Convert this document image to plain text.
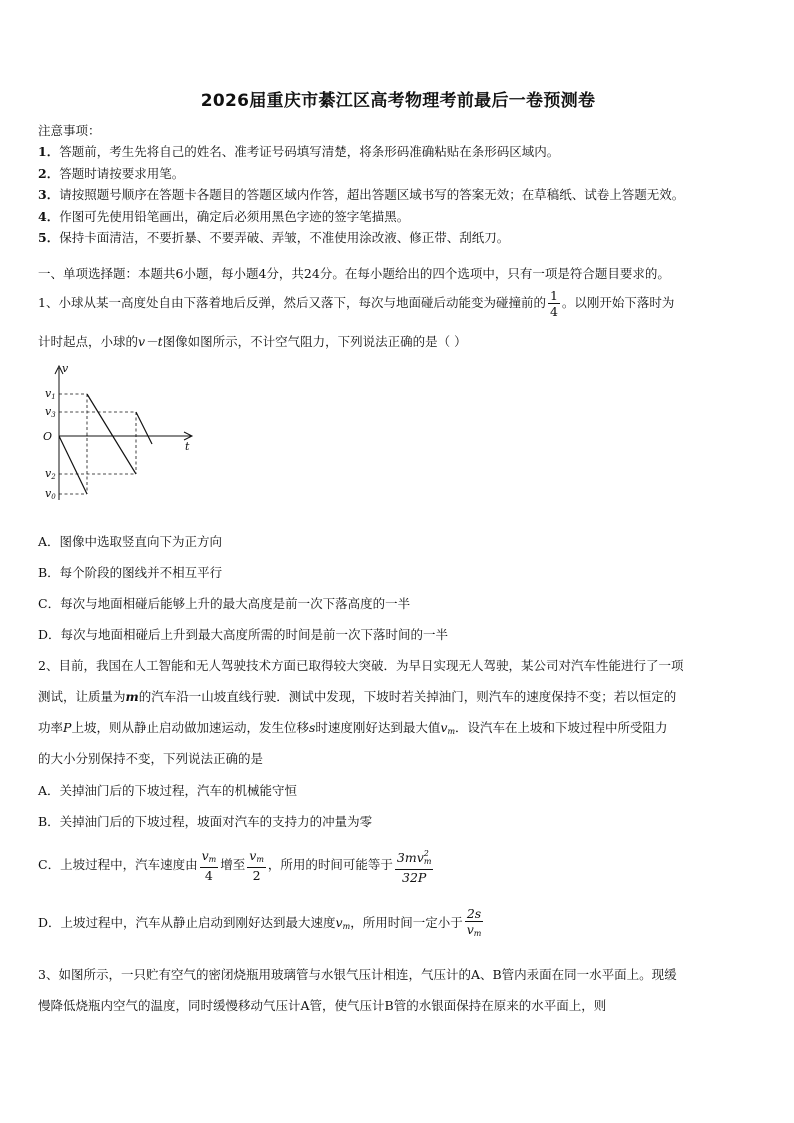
2026届重庆市綦江区高考物理考前最后一卷预测卷
注意事项：
1．答题前，考生先将自己的姓名、准考证号码填写清楚，将条形码准确粘贴在条形码区域内。
2．答题时请按要求用笔。
3．请按照题号顺序在答题卡各题目的答题区域内作答，超出答题区域书写的答案无效；在草稿纸、试卷上答题无效。
4．作图可先使用铅笔画出，确定后必须用黑色字迹的签字笔描黑。
5．保持卡面清洁，不要折暴、不要弄破、弄皱，不准使用涂改液、修正带、刮纸刀。
一、单项选择题：本题共6小题，每小题4分，共24分。在每小题给出的四个选项中，只有一项是符合题目要求的。
1、小球从某一高度处自由下落着地后反弹，然后又落下，每次与地面碰后动能变为碰撞前的 $\frac{1}{4}$ 。以刚开始下落时为
计时起点，小球的v－t图像如图所示，不计空气阻力，下列说法正确的是（ ）
v
t
O
v1
v3
v2
v0
A．图像中选取竖直向下为正方向
B．每个阶段的图线并不相互平行
C．每次与地面相碰后能够上升的最大高度是前一次下落高度的一半
D．每次与地面相碰后上升到最大高度所需的时间是前一次下落时间的一半
2、目前，我国在人工智能和无人驾驶技术方面已取得较大突破．为早日实现无人驾驶，某公司对汽车性能进行了一项
测试，让质量为m的汽车沿一山坡直线行驶．测试中发现，下坡时若关掉油门，则汽车的速度保持不变；若以恒定的
功率P上坡，则从静止启动做加速运动，发生位移s时速度刚好达到最大值$v_m$．设汽车在上坡和下坡过程中所受阻力
的大小分别保持不变，下列说法正确的是
A．关掉油门后的下坡过程，汽车的机械能守恒
B．关掉油门后的下坡过程，坡面对汽车的支持力的冲量为零
C．上坡过程中，汽车速度由 $\frac{v_m}{4}$ 增至 $\frac{v_m}{2}$ ，所用的时间可能等于 $\frac{3mv^2_m}{32P}$
D．上坡过程中，汽车从静止启动到刚好达到最大速度$v_m$，所用时间一定小于 $\frac{2s}{v_m}$
3、如图所示，一只贮有空气的密闭烧瓶用玻璃管与水银气压计相连，气压计的A、B管内汞面在同一水平面上。现缓
慢降低烧瓶内空气的温度，同时缓慢移动气压计A管，使气压计B管的水银面保持在原来的水平面上，则
